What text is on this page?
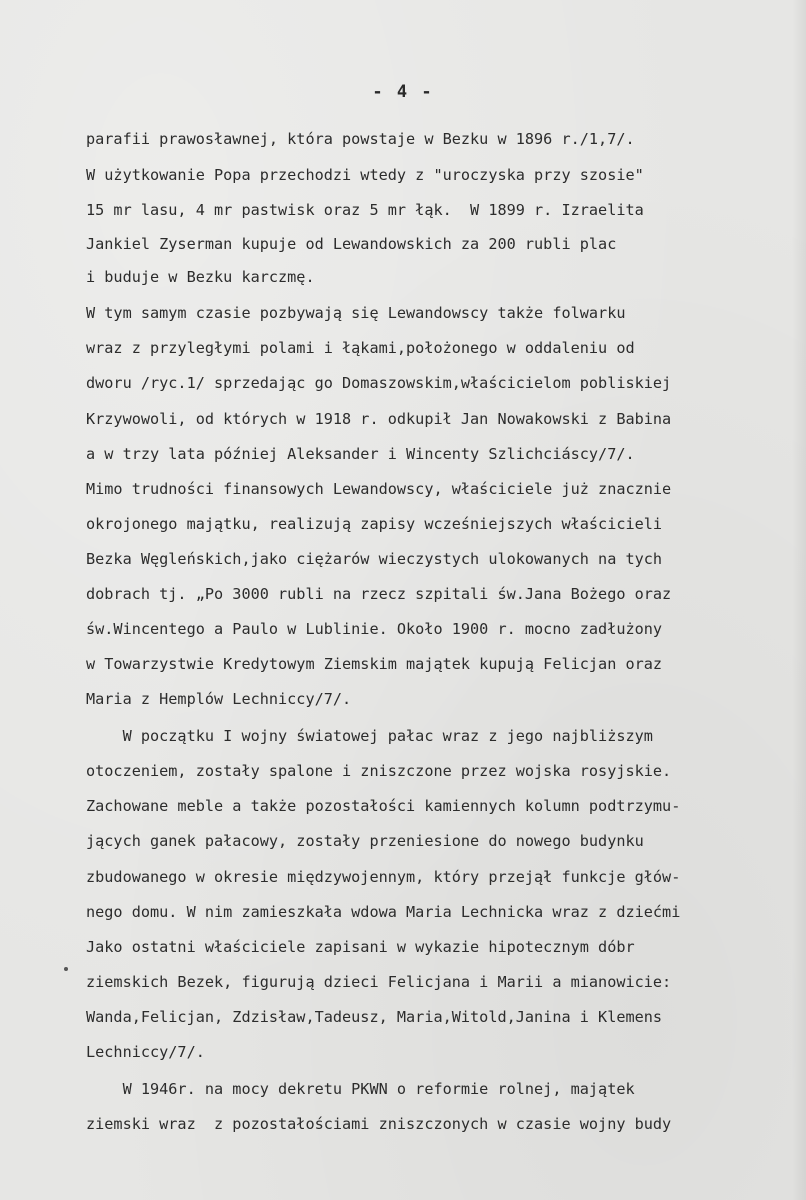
- 4 -
parafii prawosławnej, która powstaje w Bezku w 1896 r./1,7/.
W użytkowanie Popa przechodzi wtedy z "uroczyska przy szosie"
15 mr lasu, 4 mr pastwisk oraz 5 mr łąk.  W 1899 r. Izraelita
Jankiel Zyserman kupuje od Lewandowskich za 200 rubli plac
i buduje w Bezku karczmę.
W tym samym czasie pozbywają się Lewandowscy także folwarku
wraz z przyległymi polami i łąkami,położonego w oddaleniu od
dworu /ryc.1/ sprzedając go Domaszowskim,właścicielom pobliskiej
Krzywowoli, od których w 1918 r. odkupił Jan Nowakowski z Babina
a w trzy lata później Aleksander i Wincenty Szlichciáscy/7/.
Mimo trudności finansowych Lewandowscy, właściciele już znacznie
okrojonego majątku, realizują zapisy wcześniejszych właścicieli
Bezka Węgleńskich,jako ciężarów wieczystych ulokowanych na tych
dobrach tj. „Po 3000 rubli na rzecz szpitali św.Jana Bożego oraz
św.Wincentego a Paulo w Lublinie. Około 1900 r. mocno zadłużony
w Towarzystwie Kredytowym Ziemskim majątek kupują Felicjan oraz
Maria z Hemplów Lechniccy/7/.
W początku I wojny światowej pałac wraz z jego najbliższym
otoczeniem, zostały spalone i zniszczone przez wojska rosyjskie.
Zachowane meble a także pozostałości kamiennych kolumn podtrzymu-
jących ganek pałacowy, zostały przeniesione do nowego budynku
zbudowanego w okresie międzywojennym, który przejął funkcje głów-
nego domu. W nim zamieszkała wdowa Maria Lechnicka wraz z dziećmi
Jako ostatni właściciele zapisani w wykazie hipotecznym dóbr
ziemskich Bezek, figurują dzieci Felicjana i Marii a mianowicie:
Wanda,Felicjan, Zdzisław,Tadeusz, Maria,Witold,Janina i Klemens
Lechniccy/7/.
W 1946r. na mocy dekretu PKWN o reformie rolnej, majątek
ziemski wraz  z pozostałościami zniszczonych w czasie wojny budy
